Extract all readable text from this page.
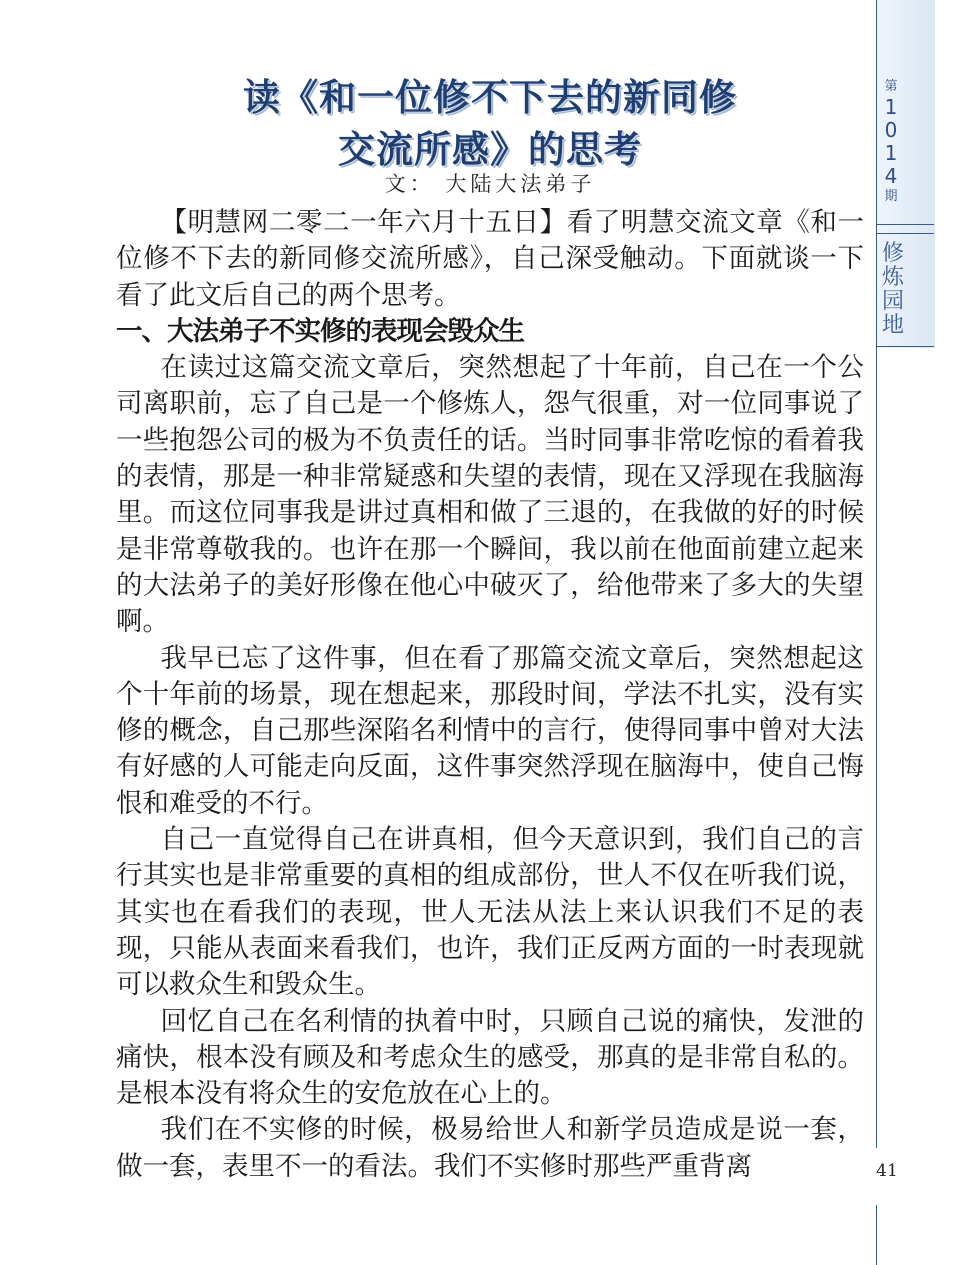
第
1
0
1
4
期
修
炼
园
地
读《和一位修不下去的新同修
交流所感》的思考
文： 大陆大法弟子

【明慧网二零二一年六月十五日】看了明慧交流文章《和一位修不下去的新同修交流所感》，自己深受触动。下面就谈一下看了此文后自己的两个思考。

一、大法弟子不实修的表现会毁众生

在读过这篇交流文章后，突然想起了十年前，自己在一个公司离职前，忘了自己是一个修炼人，怨气很重，对一位同事说了一些抱怨公司的极为不负责任的话。当时同事非常吃惊的看着我的表情，那是一种非常疑惑和失望的表情，现在又浮现在我脑海里。而这位同事我是讲过真相和做了三退的，在我做的好的时候是非常尊敬我的。也许在那一个瞬间，我以前在他面前建立起来的大法弟子的美好形像在他心中破灭了，给他带来了多大的失望啊。

我早已忘了这件事，但在看了那篇交流文章后，突然想起这个十年前的场景，现在想起来，那段时间，学法不扎实，没有实修的概念，自己那些深陷名利情中的言行，使得同事中曾对大法有好感的人可能走向反面，这件事突然浮现在脑海中，使自己悔恨和难受的不行。

自己一直觉得自己在讲真相，但今天意识到，我们自己的言行其实也是非常重要的真相的组成部份，世人不仅在听我们说，其实也在看我们的表现，世人无法从法上来认识我们不足的表现，只能从表面来看我们，也许，我们正反两方面的一时表现就可以救众生和毁众生。

回忆自己在名利情的执着中时，只顾自己说的痛快，发泄的痛快，根本没有顾及和考虑众生的感受，那真的是非常自私的。是根本没有将众生的安危放在心上的。

我们在不实修的时候，极易给世人和新学员造成是说一套，做一套，表里不一的看法。我们不实修时那些严重背离	41
